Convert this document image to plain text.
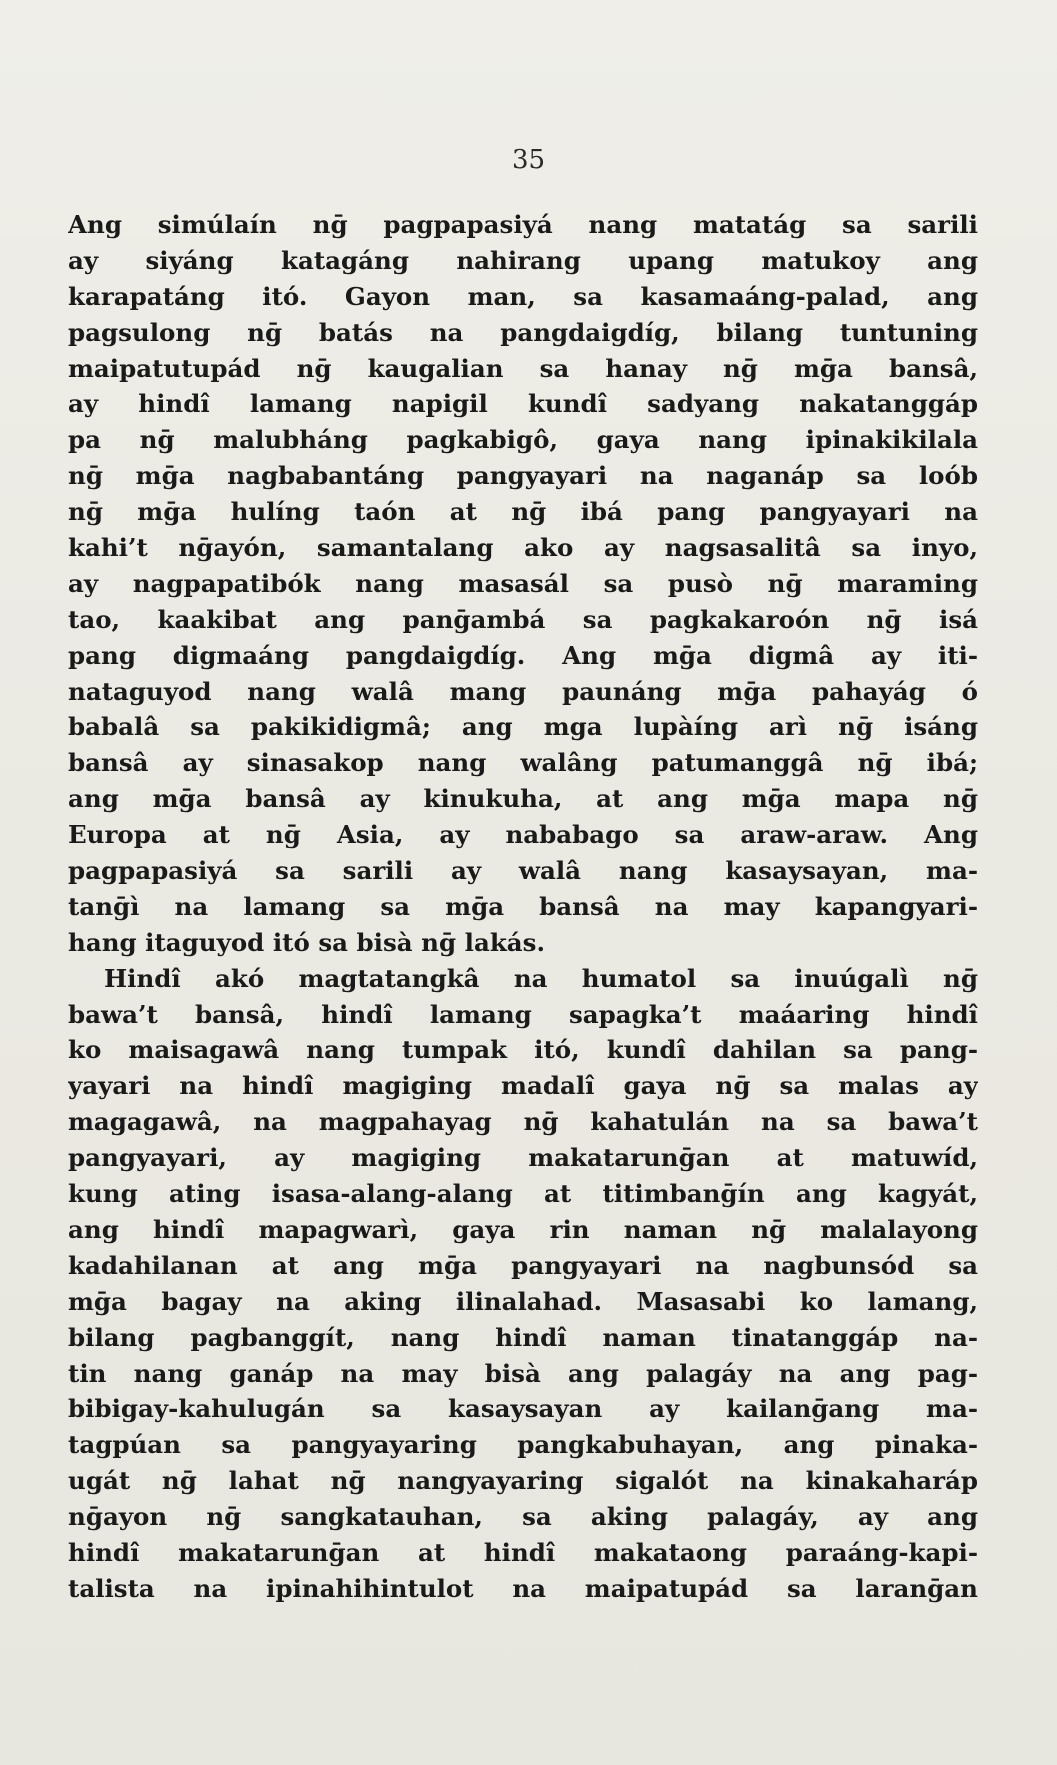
35
Ang simúlaín nḡ pagpapasiyá nang matatág sa sarili
ay siyáng katagáng nahirang upang matukoy ang
karapatáng itó. Gayon man, sa kasamaáng-palad, ang
pagsulong nḡ batás na pangdaigdíg, bilang tuntuning
maipatutupád nḡ kaugalian sa hanay nḡ mḡa bansâ,
ay hindî lamang napigil kundî sadyang nakatanggáp
pa nḡ malubháng pagkabigô, gaya nang ipinakikilala
nḡ mḡa nagbabantáng pangyayari na naganáp sa loób
nḡ mḡa hulíng taón at nḡ ibá pang pangyayari na
kahi’t nḡayón, samantalang ako ay nagsasalitâ sa inyo,
ay nagpapatibók nang masasál sa pusò nḡ maraming
tao, kaakibat ang panḡambá sa pagkakaroón nḡ isá
pang digmaáng pangdaigdíg. Ang mḡa digmâ ay iti-
nataguyod nang walâ mang paunáng mḡa pahayág ó
babalâ sa pakikidigmâ; ang mga lupàíng arì nḡ isáng
bansâ ay sinasakop nang walâng patumanggâ nḡ ibá;
ang mḡa bansâ ay kinukuha, at ang mḡa mapa nḡ
Europa at nḡ Asia, ay nababago sa araw-araw. Ang
pagpapasiyá sa sarili ay walâ nang kasaysayan, ma-
tanḡì na lamang sa mḡa bansâ na may kapangyari-
hang itaguyod itó sa bisà nḡ lakás.
Hindî akó magtatangkâ na humatol sa inuúgalì nḡ
bawa’t bansâ, hindî lamang sapagka’t maáaring hindî
ko maisagawâ nang tumpak itó, kundî dahilan sa pang-
yayari na hindî magiging madalî gaya nḡ sa malas ay
magagawâ, na magpahayag nḡ kahatulán na sa bawa’t
pangyayari, ay magiging makatarunḡan at matuwíd,
kung ating isasa-alang-alang at titimbanḡín ang kagyát,
ang hindî mapagwarì, gaya rin naman nḡ malalayong
kadahilanan at ang mḡa pangyayari na nagbunsód sa
mḡa bagay na aking ilinalahad. Masasabi ko lamang,
bilang pagbanggít, nang hindî naman tinatanggáp na-
tin nang ganáp na may bisà ang palagáy na ang pag-
bibigay-kahulugán sa kasaysayan ay kailanḡang ma-
tagpúan sa pangyayaring pangkabuhayan, ang pinaka-
ugát nḡ lahat nḡ nangyayaring sigalót na kinakaharáp
nḡayon nḡ sangkatauhan, sa aking palagáy, ay ang
hindî makatarunḡan at hindî makataong paraáng-kapi-
talista na ipinahihintulot na maipatupád sa laranḡan
